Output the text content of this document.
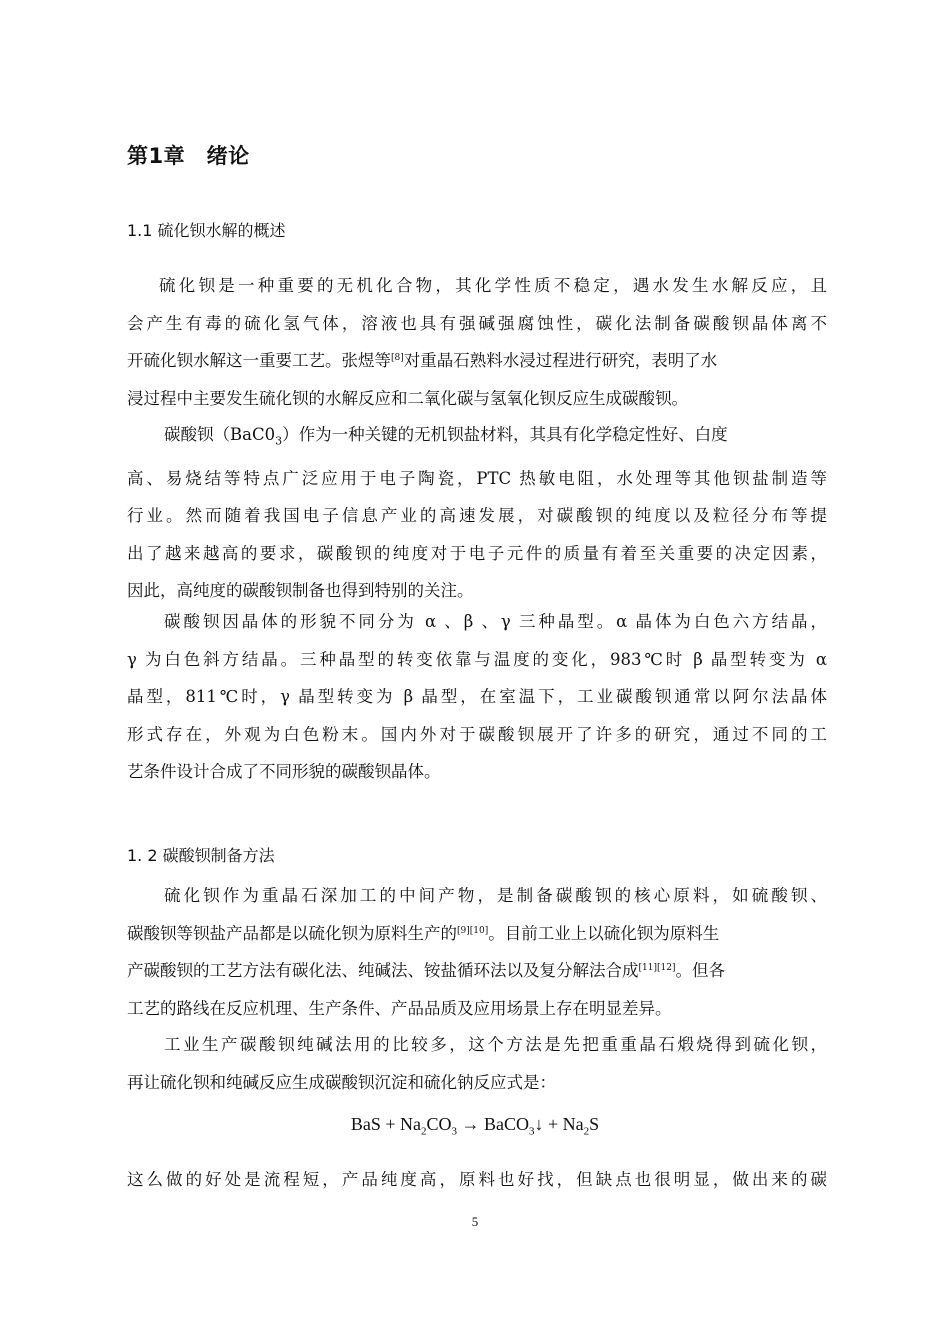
第1章　绪论
1.1 硫化钡水解的概述
硫化钡是一种重要的无机化合物，其化学性质不稳定，遇水发生水解反应，且
会产生有毒的硫化氢气体，溶液也具有强碱强腐蚀性，碳化法制备碳酸钡晶体离不
开硫化钡水解这一重要工艺。张煜等[8]对重晶石熟料水浸过程进行研究，表明了水
浸过程中主要发生硫化钡的水解反应和二氧化碳与氢氧化钡反应生成碳酸钡。
碳酸钡$(BaC0_3)$作为一种关键的无机钡盐材料，其具有化学稳定性好、白度
高、易烧结等特点广泛应用于电子陶瓷，PTC 热敏电阻，水处理等其他钡盐制造等
行业。然而随着我国电子信息产业的高速发展，对碳酸钡的纯度以及粒径分布等提
出了越来越高的要求，碳酸钡的纯度对于电子元件的质量有着至关重要的决定因素，
因此，高纯度的碳酸钡制备也得到特别的关注。
碳酸钡因晶体的形貌不同分为 α 、β 、γ 三种晶型。α 晶体为白色六方结晶，
γ 为白色斜方结晶。三种晶型的转变依靠与温度的变化，983℃时 β 晶型转变为 α
晶型，811℃时，γ 晶型转变为 β 晶型，在室温下，工业碳酸钡通常以阿尔法晶体
形式存在，外观为白色粉末。国内外对于碳酸钡展开了许多的研究，通过不同的工
艺条件设计合成了不同形貌的碳酸钡晶体。
1. 2 碳酸钡制备方法
硫化钡作为重晶石深加工的中间产物，是制备碳酸钡的核心原料，如硫酸钡、
碳酸钡等钡盐产品都是以硫化钡为原料生产的[9][10]。目前工业上以硫化钡为原料生
产碳酸钡的工艺方法有碳化法、纯碱法、铵盐循环法以及复分解法合成[11][12]。但各
工艺的路线在反应机理、生产条件、产品品质及应用场景上存在明显差异。
工业生产碳酸钡纯碱法用的比较多，这个方法是先把重重晶石煅烧得到硫化钡，
再让硫化钡和纯碱反应生成碳酸钡沉淀和硫化钠反应式是：
BaS + $Na_2CO_3$ → BaCO$_3$↓ + $Na_2S$
这么做的好处是流程短，产品纯度高，原料也好找，但缺点也很明显，做出来的碳
5
